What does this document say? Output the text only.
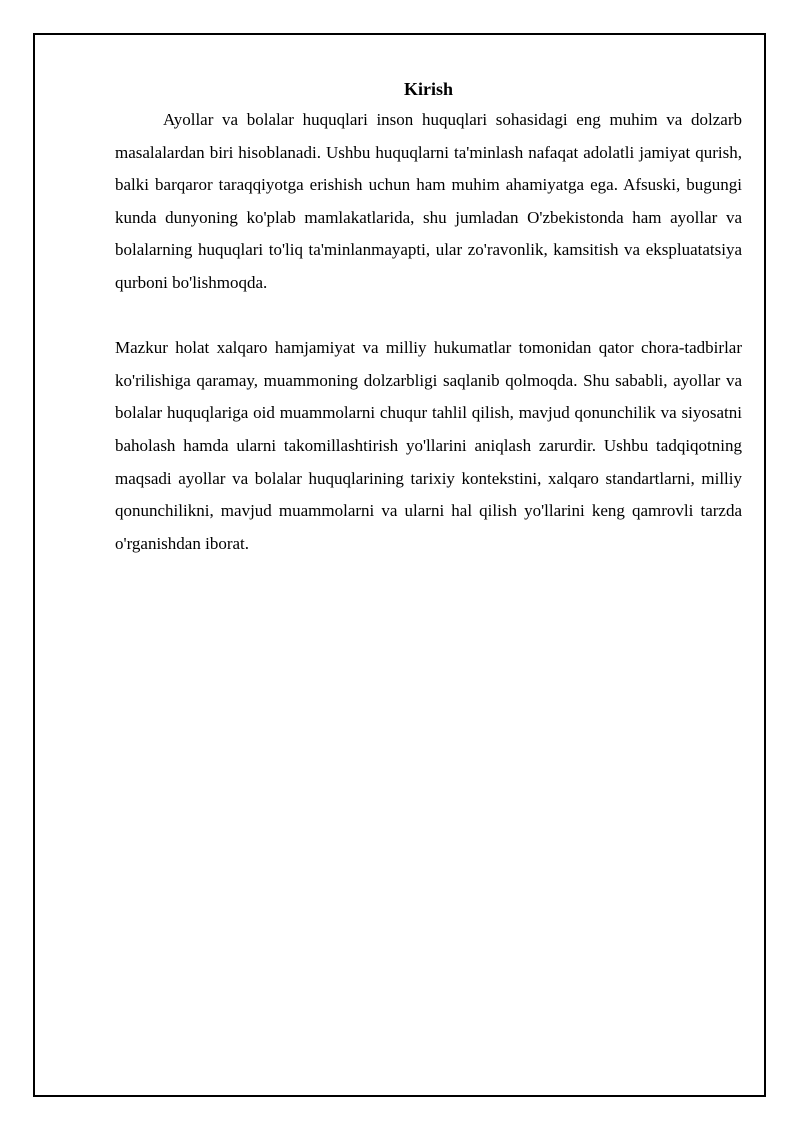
Kirish

Ayollar va bolalar huquqlari inson huquqlari sohasidagi eng muhim va dolzarb masalalardan biri hisoblanadi. Ushbu huquqlarni ta'minlash nafaqat adolatli jamiyat qurish, balki barqaror taraqqiyotga erishish uchun ham muhim ahamiyatga ega. Afsuski, bugungi kunda dunyoning ko'plab mamlakatlarida, shu jumladan O'zbekistonda ham ayollar va bolalarning huquqlari to'liq ta'minlanmayapti, ular zo'ravonlik, kamsitish va ekspluatatsiya qurboni bo'lishmoqda.

Mazkur holat xalqaro hamjamiyat va milliy hukumatlar tomonidan qator chora-tadbirlar ko'rilishiga qaramay, muammoning dolzarbligi saqlanib qolmoqda. Shu sababli, ayollar va bolalar huquqlariga oid muammolarni chuqur tahlil qilish, mavjud qonunchilik va siyosatni baholash hamda ularni takomillashtirish yo'llarini aniqlash zarurdir. Ushbu tadqiqotning maqsadi ayollar va bolalar huquqlarining tarixiy kontekstini, xalqaro standartlarni, milliy qonunchilikni, mavjud muammolarni va ularni hal qilish yo'llarini keng qamrovli tarzda o'rganishdan iborat.
